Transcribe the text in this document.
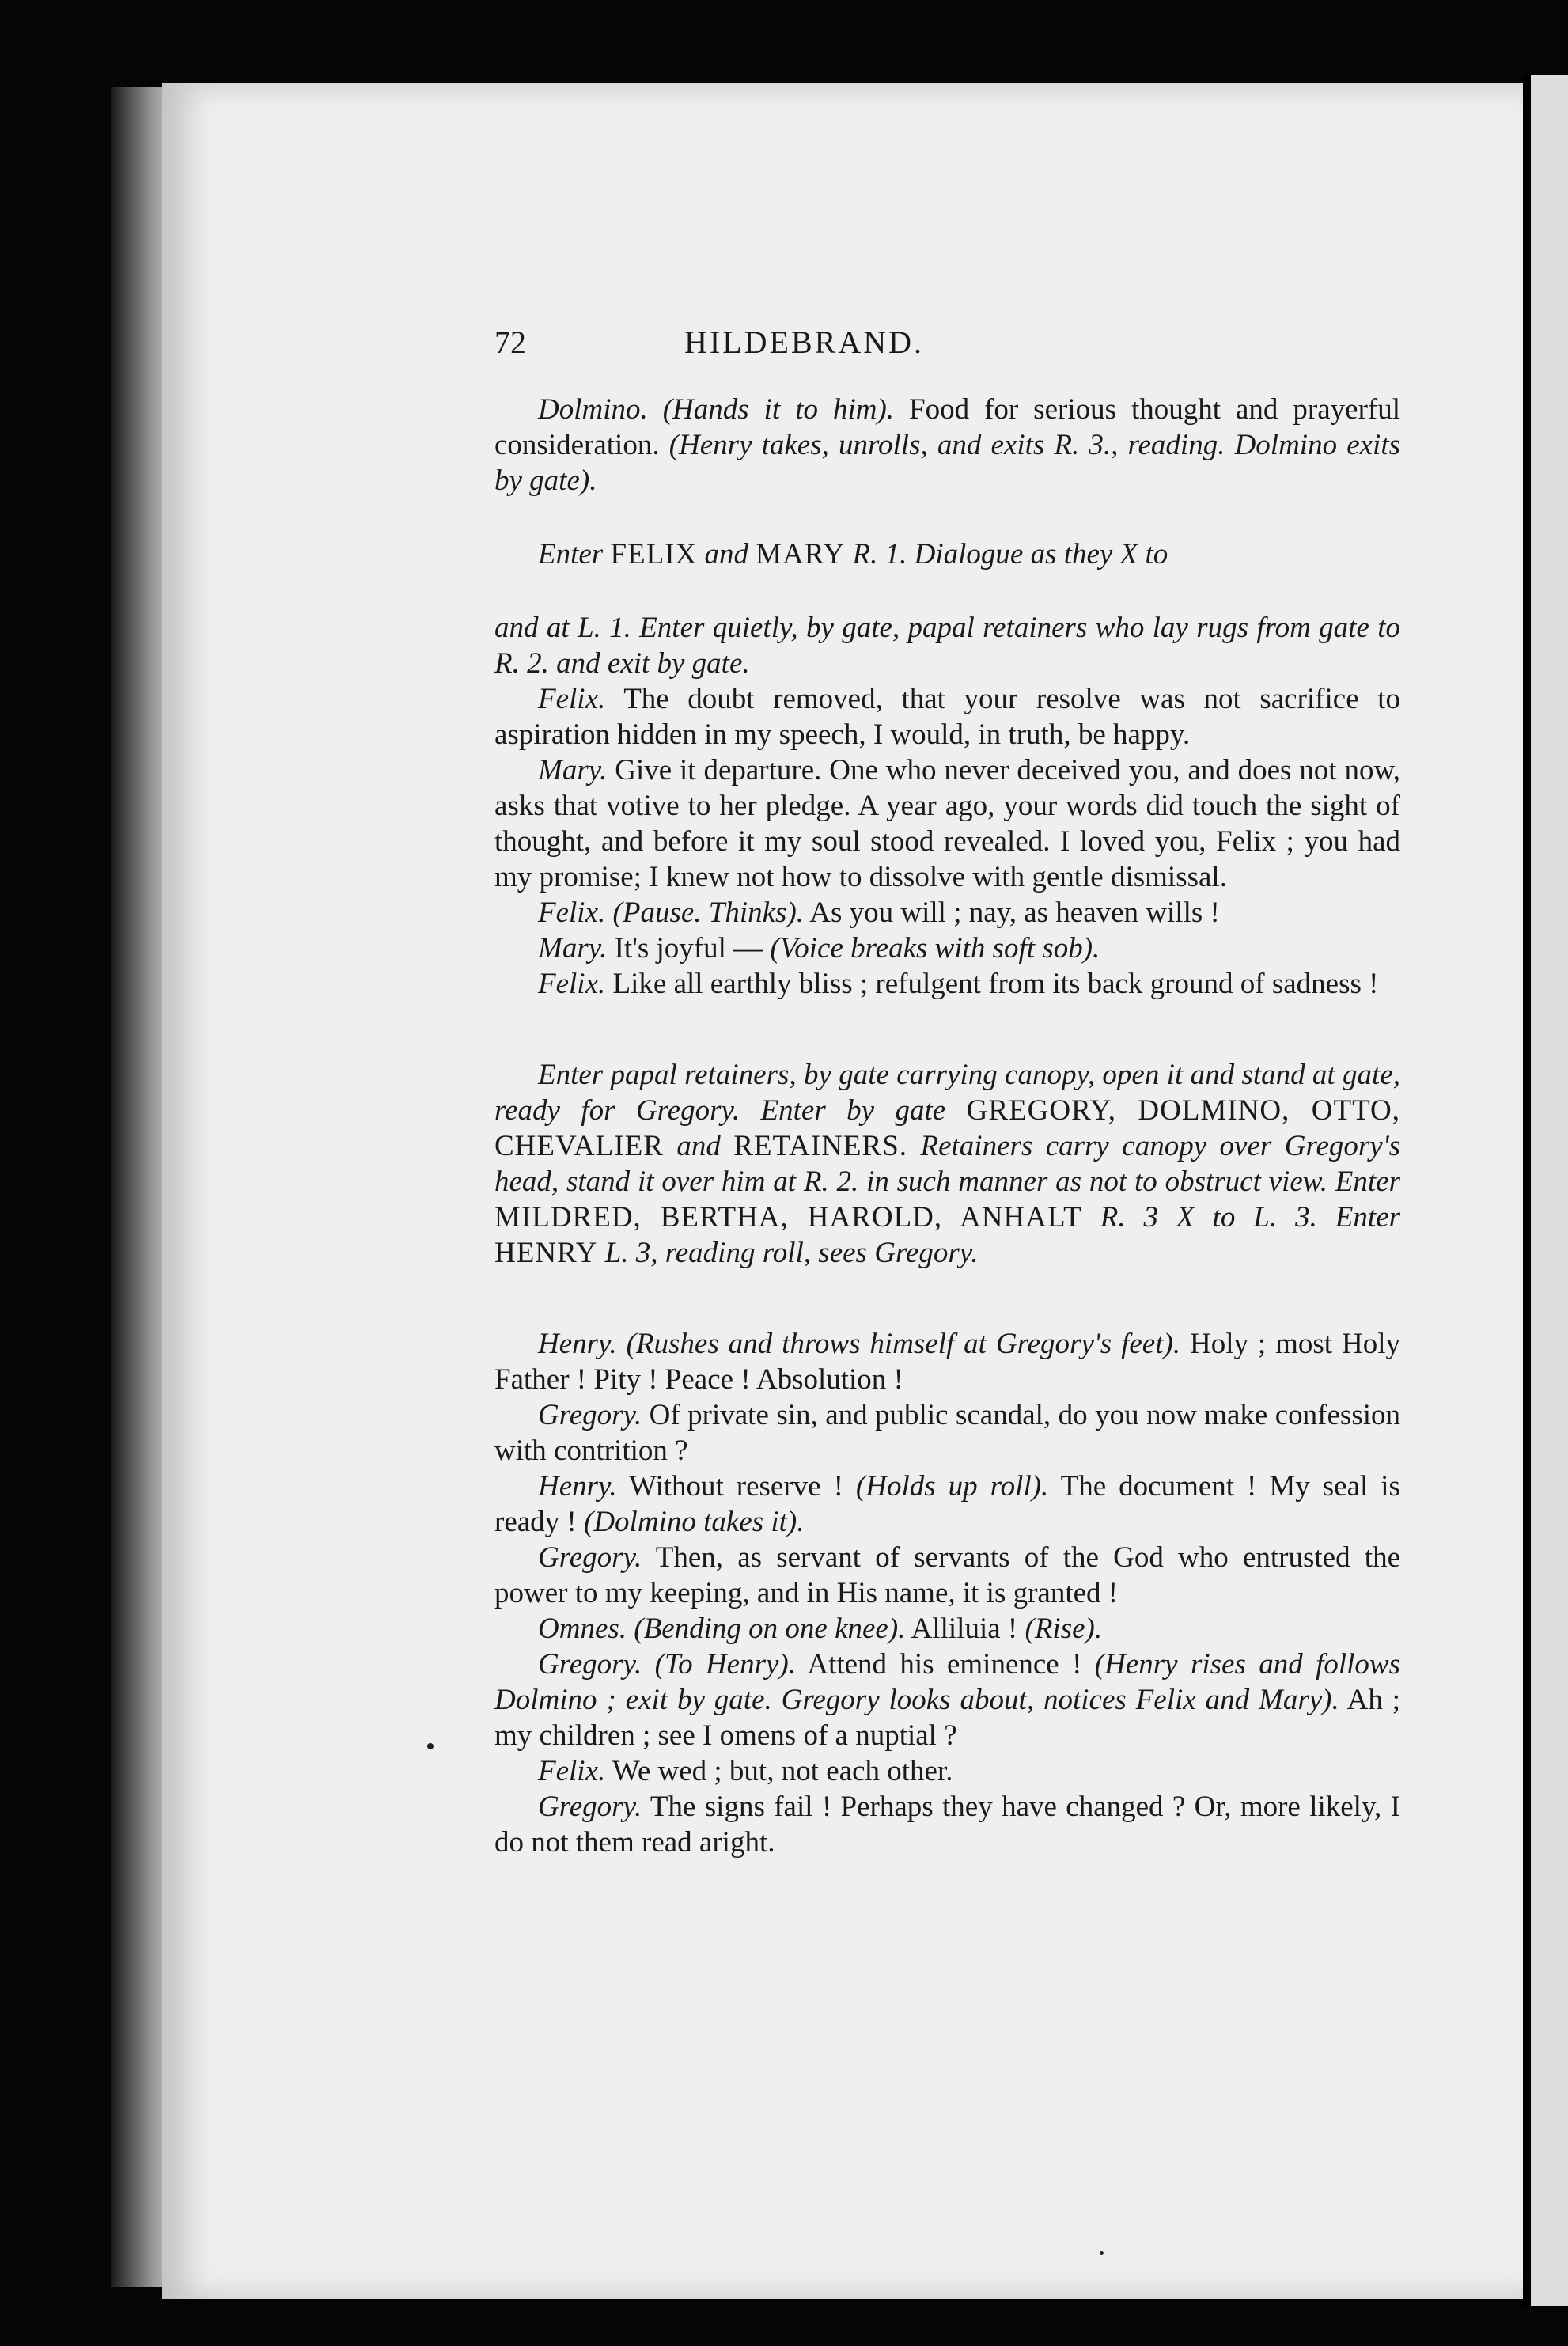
72	HILDEBRAND.

Dolmino. (Hands it to him). Food for serious thought and prayerful consideration. (Henry takes, unrolls, and exits R. 3., reading. Dolmino exits by gate).

Enter FELIX and MARY R. 1. Dialogue as they X to

and at L. 1. Enter quietly, by gate, papal retainers who lay rugs from gate to R. 2. and exit by gate.

Felix. The doubt removed, that your resolve was not sacrifice to aspiration hidden in my speech, I would, in truth, be happy.

Mary. Give it departure. One who never deceived you, and does not now, asks that votive to her pledge. A year ago, your words did touch the sight of thought, and before it my soul stood revealed. I loved you, Felix ; you had my promise; I knew not how to dissolve with gentle dismissal.

Felix. (Pause. Thinks). As you will ; nay, as heaven wills !

Mary. It's joyful — (Voice breaks with soft sob).

Felix. Like all earthly bliss ; refulgent from its back ground of sadness !

Enter papal retainers, by gate carrying canopy, open it and stand at gate, ready for Gregory. Enter by gate GREGORY, DOLMINO, OTTO, CHEVALIER and RETAINERS. Retainers carry canopy over Gregory's head, stand it over him at R. 2. in such manner as not to obstruct view. Enter MILDRED, BERTHA, HAROLD, ANHALT R. 3 X to L. 3. Enter HENRY L. 3, reading roll, sees Gregory.

Henry. (Rushes and throws himself at Gregory's feet). Holy ; most Holy Father ! Pity ! Peace ! Absolution !

Gregory. Of private sin, and public scandal, do you now make confession with contrition ?

Henry. Without reserve ! (Holds up roll). The document ! My seal is ready ! (Dolmino takes it).

Gregory. Then, as servant of servants of the God who entrusted the power to my keeping, and in His name, it is granted !

Omnes. (Bending on one knee). Alliluia ! (Rise).

Gregory. (To Henry). Attend his eminence ! (Henry rises and follows Dolmino ; exit by gate. Gregory looks about, notices Felix and Mary). Ah ; my children ; see I omens of a nuptial ?

Felix. We wed ; but, not each other.

Gregory. The signs fail ! Perhaps they have changed ? Or, more likely, I do not them read aright.
